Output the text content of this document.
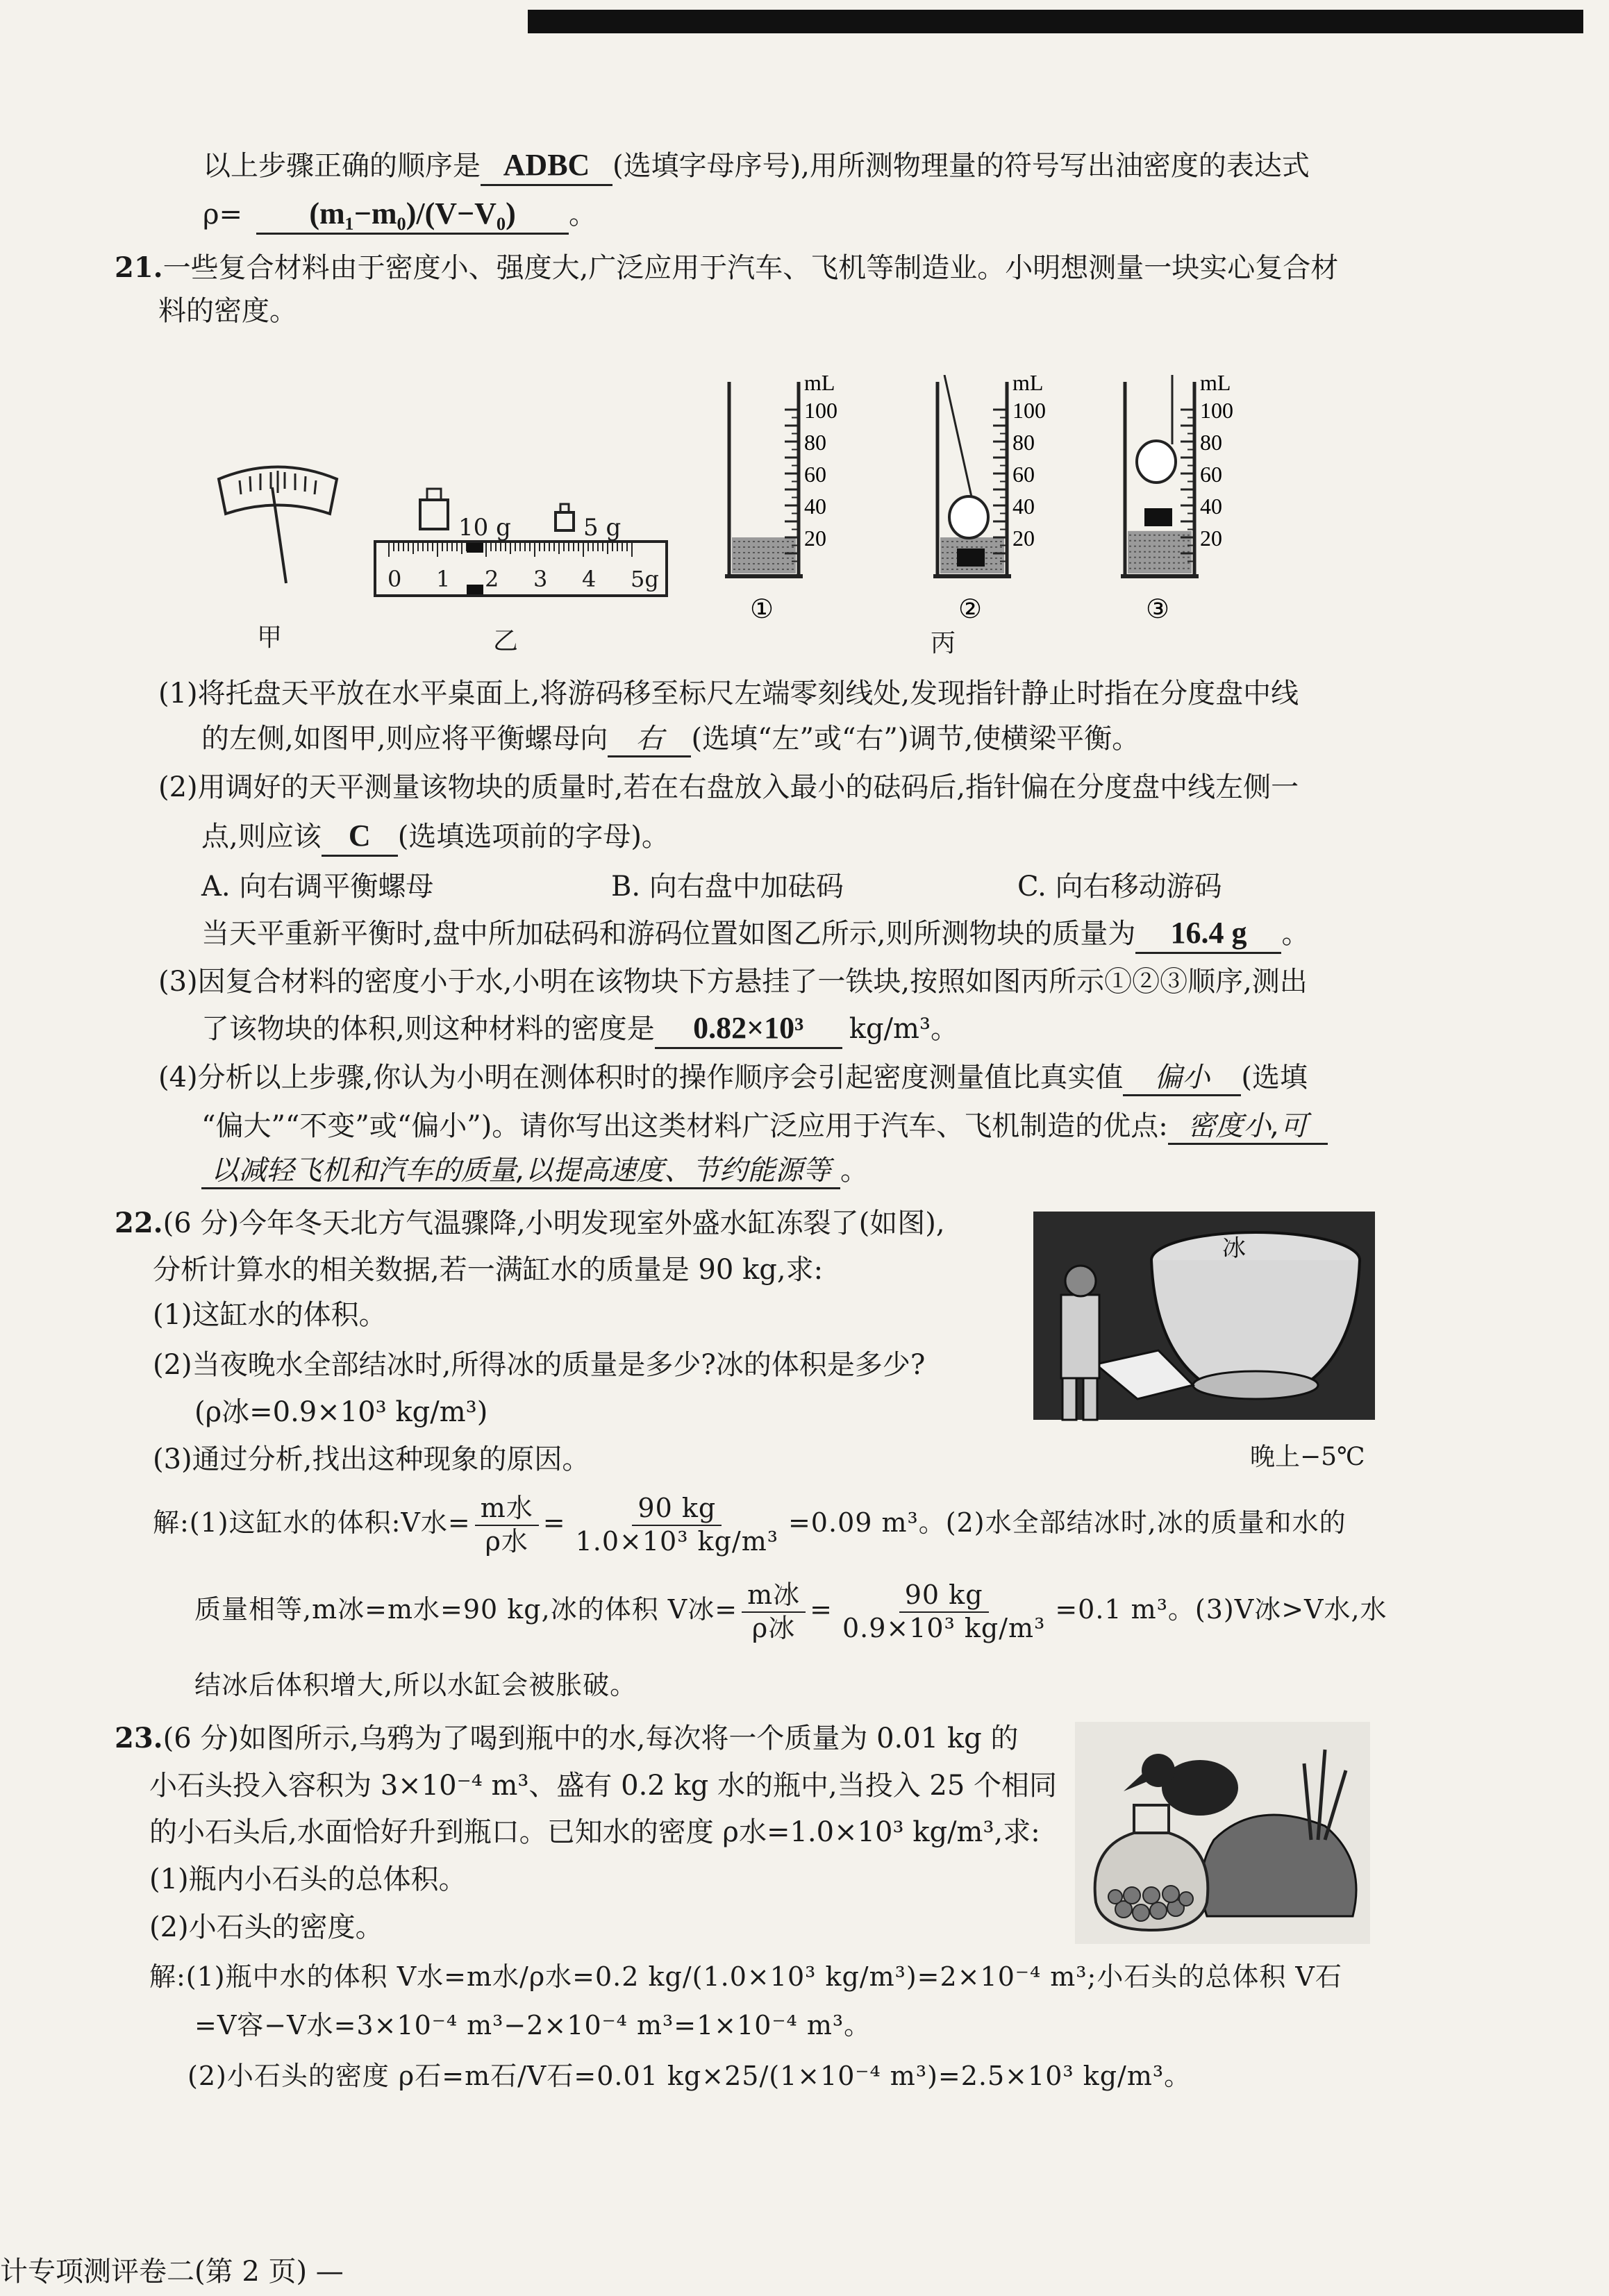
以上步骤正确的顺序是 ADBC (选填字母序号),用所测物理量的符号写出油密度的表达式
ρ= (m₁−m₀)/(V−V₀) 。
21.一些复合材料由于密度小、强度大,广泛应用于汽车、飞机等制造业。小明想测量一块实心复合材
料的密度。
甲
10 g	5 g
0 1 2 3 4 5g
乙
mL
100
80
60
40
20
①
mL
100
80
60
40
20
②
mL
100
80
60
40
20
③
丙
(1)将托盘天平放在水平桌面上,将游码移至标尺左端零刻线处,发现指针静止时指在分度盘中线
的左侧,如图甲,则应将平衡螺母向 右 (选填“左”或“右”)调节,使横梁平衡。
(2)用调好的天平测量该物块的质量时,若在右盘放入最小的砝码后,指针偏在分度盘中线左侧一
点,则应该 C (选填选项前的字母)。
A. 向右调平衡螺母	B. 向右盘中加砝码	C. 向右移动游码
当天平重新平衡时,盘中所加砝码和游码位置如图乙所示,则所测物块的质量为 16.4 g 。
(3)因复合材料的密度小于水,小明在该物块下方悬挂了一铁块,按照如图丙所示①②③顺序,测出
了该物块的体积,则这种材料的密度是 0.82×10³ kg/m³。
(4)分析以上步骤,你认为小明在测体积时的操作顺序会引起密度测量值比真实值 偏小 (选填
“偏大”“不变”或“偏小”)。请你写出这类材料广泛应用于汽车、飞机制造的优点: 密度小,可
以减轻飞机和汽车的质量,以提高速度、节约能源等 。
22.(6 分)今年冬天北方气温骤降,小明发现室外盛水缸冻裂了(如图),
分析计算水的相关数据,若一满缸水的质量是 90 kg,求:
(1)这缸水的体积。
(2)当夜晚水全部结冰时,所得冰的质量是多少?冰的体积是多少?
(ρ冰=0.9×10³ kg/m³)
(3)通过分析,找出这种现象的原因。
冰
晚上−5℃
解:(1)这缸水的体积:V水= $\frac{\text{m水}}{\text{ρ水}} = \frac{90 kg}{\text{1.0×10³ kg/m³}} =0.09$ m³。(2)水全部结冰时,冰的质量和水的
质量相等,m冰=m水=90 kg,冰的体积 V冰= $\frac{\text{m冰}}{\text{ρ冰}} = \frac{90 kg}{\text{0.9×10³ kg/m³}} =0.1$ m³。(3)V冰>V水,水
结冰后体积增大,所以水缸会被胀破。
23.(6 分)如图所示,乌鸦为了喝到瓶中的水,每次将一个质量为 0.01 kg 的
小石头投入容积为 3×10⁻⁴ m³、盛有 0.2 kg 水的瓶中,当投入 25 个相同
的小石头后,水面恰好升到瓶口。已知水的密度 ρ水=1.0×10³ kg/m³,求:
(1)瓶内小石头的总体积。
(2)小石头的密度。
解:(1)瓶中水的体积 V水=m水/ρ水=0.2 kg/(1.0×10³ kg/m³)=2×10⁻⁴ m³;小石头的总体积 V石
=V容−V水=3×10⁻⁴ m³−2×10⁻⁴ m³=1×10⁻⁴ m³。
(2)小石头的密度 ρ石=m石/V石=0.01 kg×25/(1×10⁻⁴ m³)=2.5×10³ kg/m³。
计专项测评卷二(第 2 页) —
